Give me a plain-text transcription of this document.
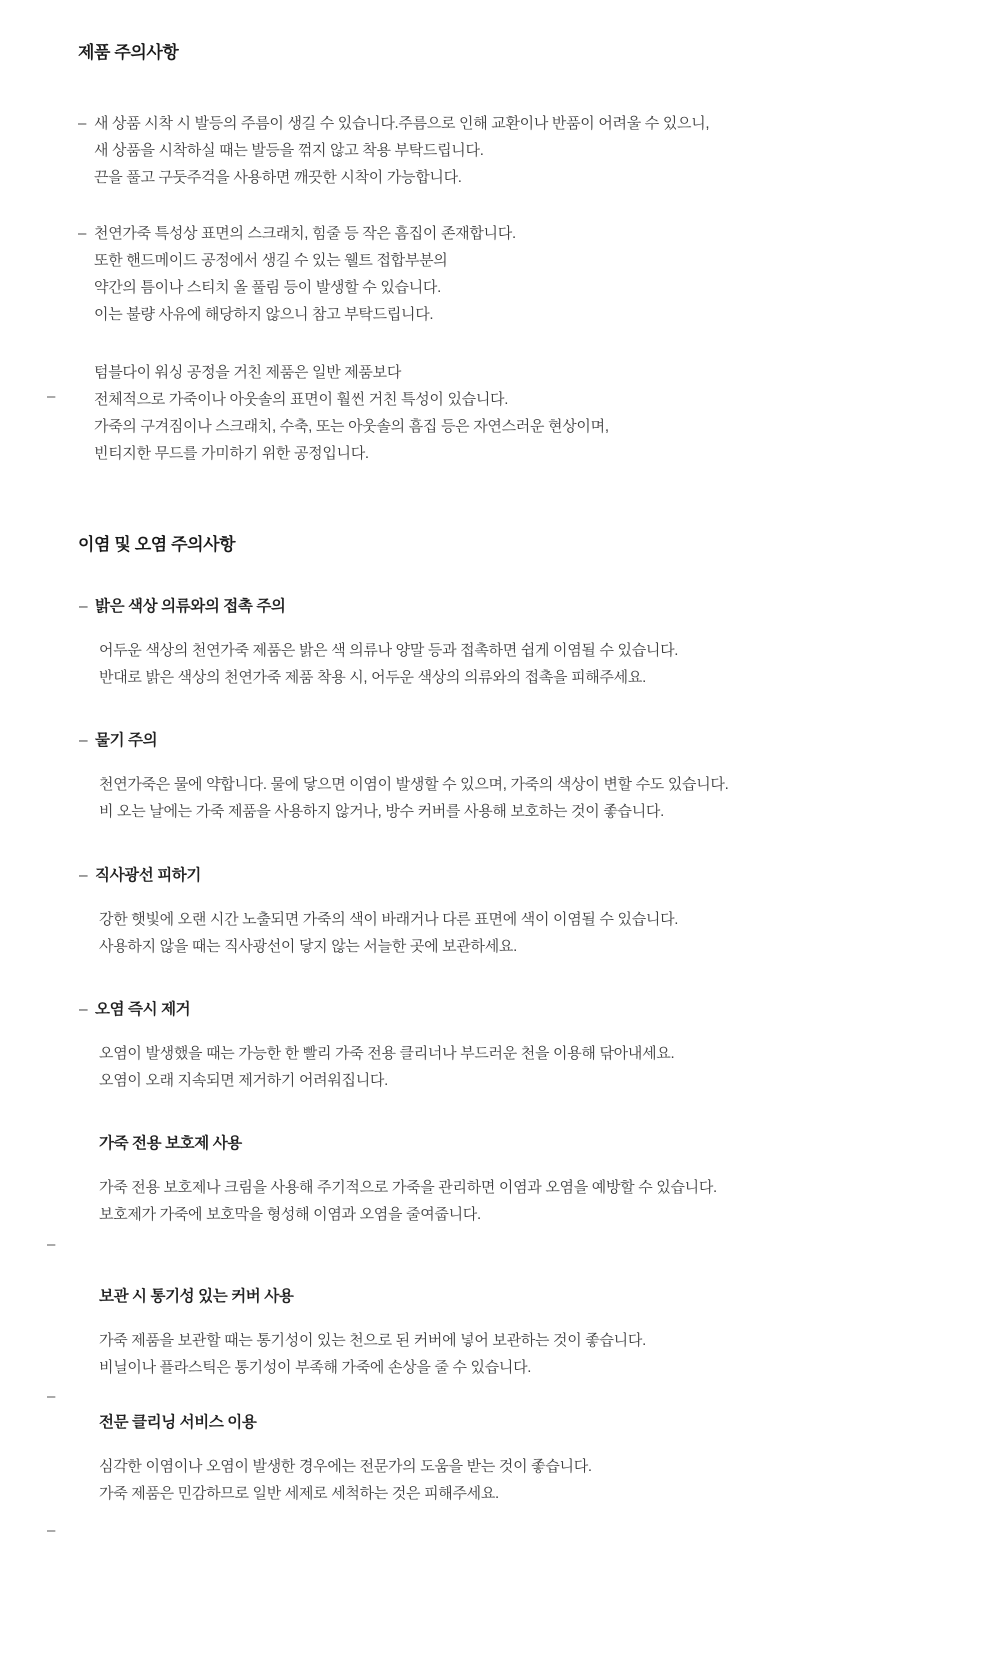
제품 주의사항
– 새 상품 시착 시 발등의 주름이 생길 수 있습니다.주름으로 인해 교환이나 반품이 어려울 수 있으니,
새 상품을 시착하실 때는 발등을 꺾지 않고 착용 부탁드립니다.
끈을 풀고 구둣주걱을 사용하면 깨끗한 시착이 가능합니다.
– 천연가죽 특성상 표면의 스크래치, 힘줄 등 작은 흠집이 존재합니다.
또한 핸드메이드 공정에서 생길 수 있는 웰트 접합부분의
약간의 틈이나 스티치 올 풀림 등이 발생할 수 있습니다.
이는 불량 사유에 해당하지 않으니 참고 부탁드립니다.
텀블다이 워싱 공정을 거친 제품은 일반 제품보다
전체적으로 가죽이나 아웃솔의 표면이 훨씬 거친 특성이 있습니다.
가죽의 구겨짐이나 스크래치, 수축, 또는 아웃솔의 흠집 등은 자연스러운 현상이며,
빈티지한 무드를 가미하기 위한 공정입니다.
이염 및 오염 주의사항
– 밝은 색상 의류와의 접촉 주의
어두운 색상의 천연가죽 제품은 밝은 색 의류나 양말 등과 접촉하면 쉽게 이염될 수 있습니다.
반대로 밝은 색상의 천연가죽 제품 착용 시, 어두운 색상의 의류와의 접촉을 피해주세요.
– 물기 주의
천연가죽은 물에 약합니다. 물에 닿으면 이염이 발생할 수 있으며, 가죽의 색상이 변할 수도 있습니다.
비 오는 날에는 가죽 제품을 사용하지 않거나, 방수 커버를 사용해 보호하는 것이 좋습니다.
– 직사광선 피하기
강한 햇빛에 오랜 시간 노출되면 가죽의 색이 바래거나 다른 표면에 색이 이염될 수 있습니다.
사용하지 않을 때는 직사광선이 닿지 않는 서늘한 곳에 보관하세요.
– 오염 즉시 제거
오염이 발생했을 때는 가능한 한 빨리 가죽 전용 클리너나 부드러운 천을 이용해 닦아내세요.
오염이 오래 지속되면 제거하기 어려워집니다.
가죽 전용 보호제 사용
가죽 전용 보호제나 크림을 사용해 주기적으로 가죽을 관리하면 이염과 오염을 예방할 수 있습니다.
보호제가 가죽에 보호막을 형성해 이염과 오염을 줄여줍니다.
보관 시 통기성 있는 커버 사용
가죽 제품을 보관할 때는 통기성이 있는 천으로 된 커버에 넣어 보관하는 것이 좋습니다.
비닐이나 플라스틱은 통기성이 부족해 가죽에 손상을 줄 수 있습니다.
전문 클리닝 서비스 이용
심각한 이염이나 오염이 발생한 경우에는 전문가의 도움을 받는 것이 좋습니다.
가죽 제품은 민감하므로 일반 세제로 세척하는 것은 피해주세요.
–
–
–
–
